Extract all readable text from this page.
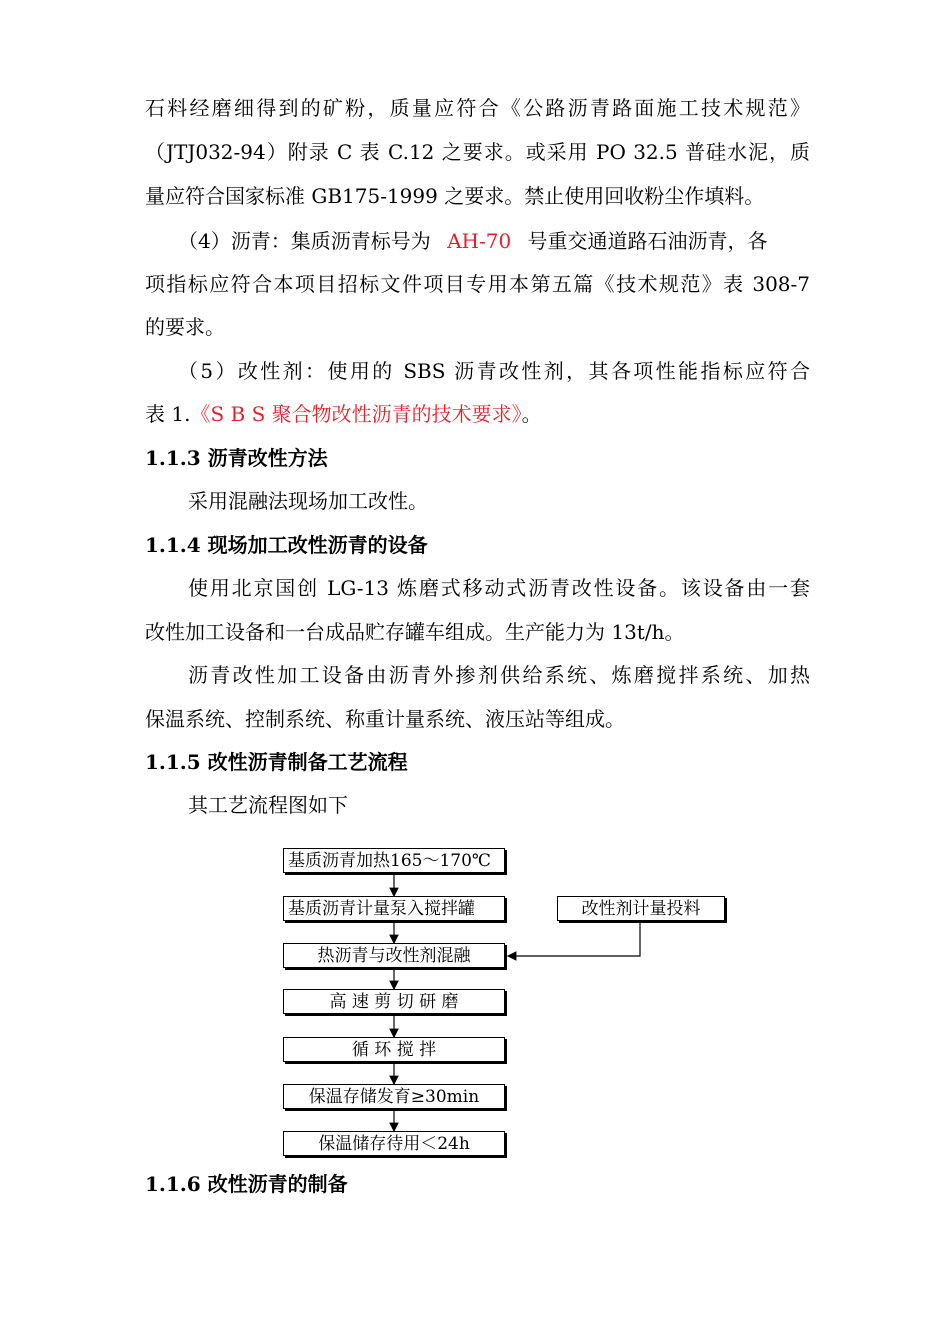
石料经磨细得到的矿粉，质量应符合《公路沥青路面施工技术规范》
（JTJ032-94）附录 C 表 C.12 之要求。或采用 PO 32.5 普硅水泥，质
量应符合国家标准 GB175-1999 之要求。禁止使用回收粉尘作填料。
（4）沥青：集质沥青标号为 AH-70 号重交通道路石油沥青，各
项指标应符合本项目招标文件项目专用本第五篇《技术规范》表 308-7
的要求。
（5）改性剂：使用的 SBS 沥青改性剂，其各项性能指标应符合
表 1.《S B S 聚合物改性沥青的技术要求》。
1.1.3 沥青改性方法
采用混融法现场加工改性。
1.1.4 现场加工改性沥青的设备
使用北京国创 LG-13 炼磨式移动式沥青改性设备。该设备由一套
改性加工设备和一台成品贮存罐车组成。生产能力为 13t/h。
沥青改性加工设备由沥青外掺剂供给系统、炼磨搅拌系统、加热
保温系统、控制系统、称重计量系统、液压站等组成。
1.1.5 改性沥青制备工艺流程
其工艺流程图如下
基质沥青加热165～170℃
基质沥青计量泵入搅拌罐	改性剂计量投料
热沥青与改性剂混融
高 速 剪 切 研 磨
循 环 搅 拌
保温存储发育≥30min
保温储存待用＜24h
1.1.6 改性沥青的制备
